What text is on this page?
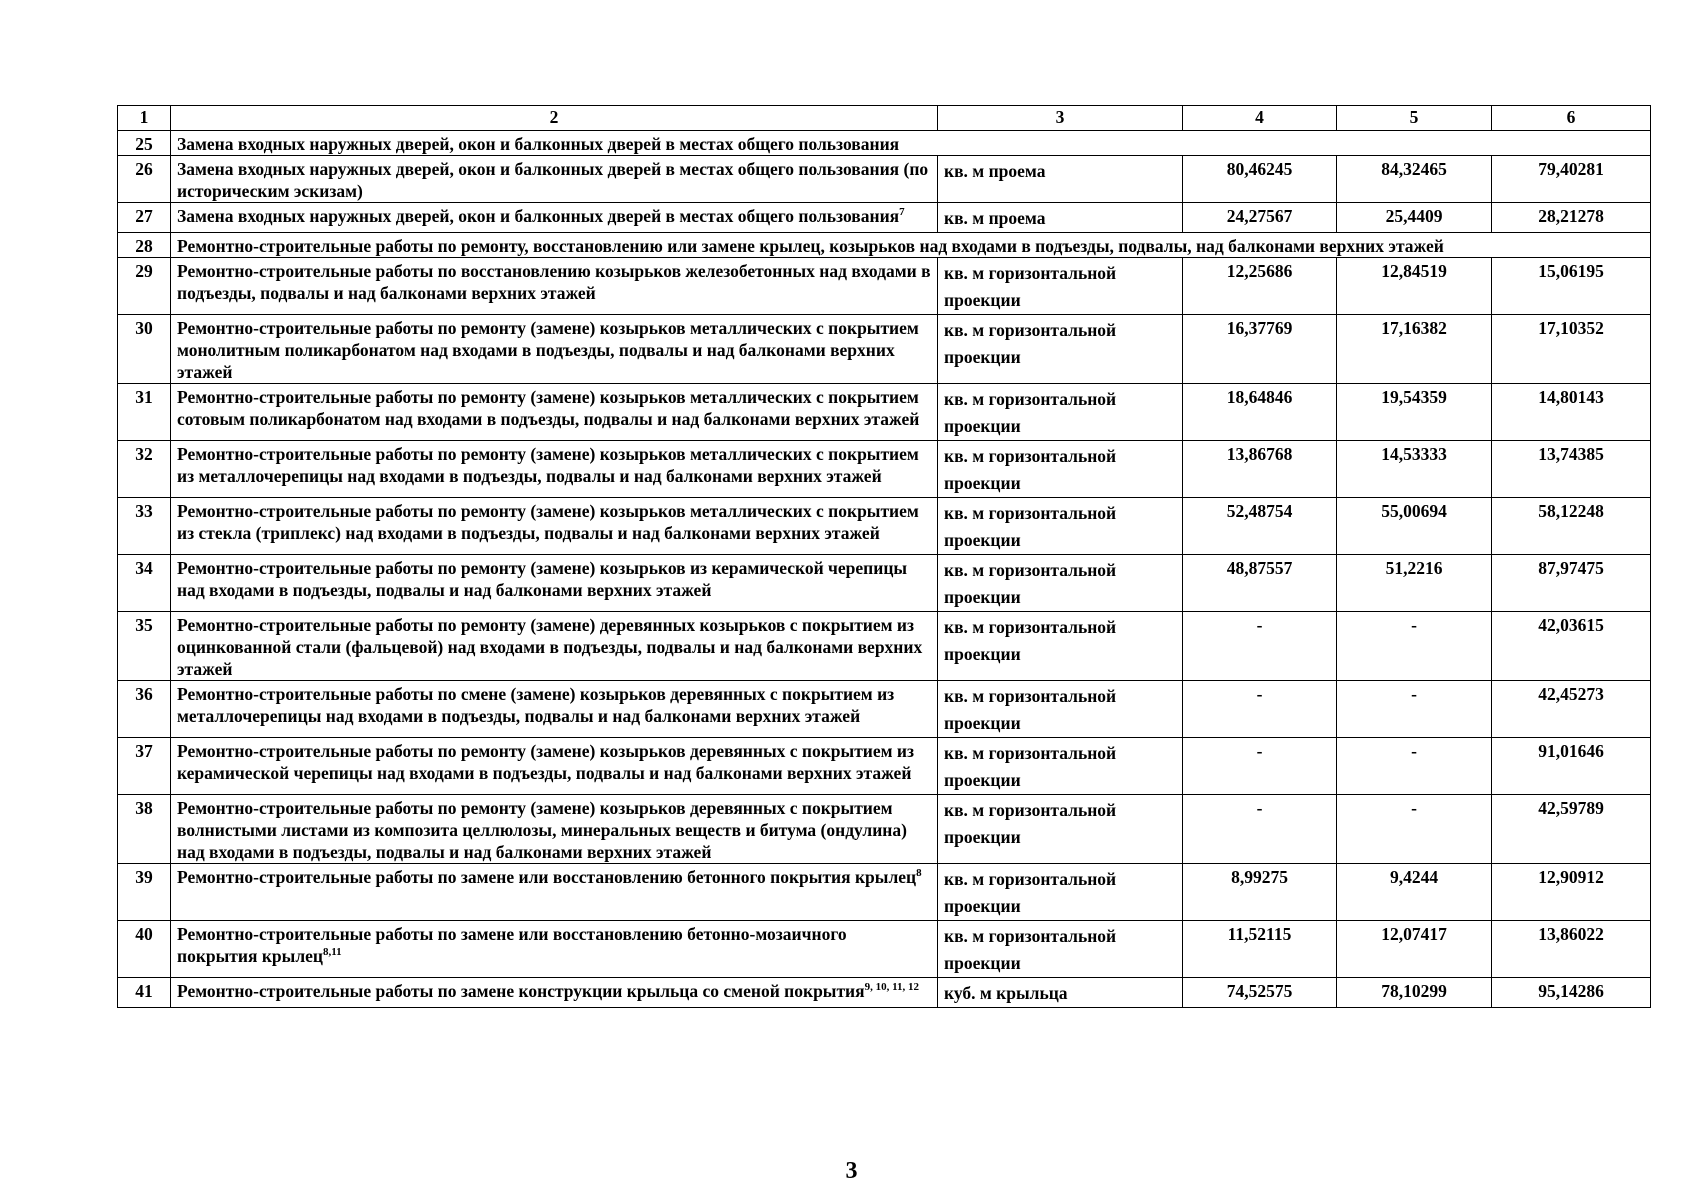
1	2	3	4	5	6
25	Замена входных наружных дверей, окон и балконных дверей в местах общего пользования				
26	Замена входных наружных дверей, окон и балконных дверей в местах общего пользования (по историческим эскизам)	кв. м проема	80,46245	84,32465	79,40281
27	Замена входных наружных дверей, окон и балконных дверей в местах общего пользования$^7$	кв. м проема	24,27567	25,4409	28,21278
28	Ремонтно-строительные работы по ремонту, восстановлению или замене крылец, козырьков над входами в подъезды, подвалы, над балконами верхних этажей				
29	Ремонтно-строительные работы по восстановлению козырьков железобетонных над входами в подъезды, подвалы и над балконами верхних этажей	кв. м горизонтальной проекции	12,25686	12,84519	15,06195
30	Ремонтно-строительные работы по ремонту (замене) козырьков металлических с покрытием монолитным поликарбонатом над входами в подъезды, подвалы и над балконами верхних этажей	кв. м горизонтальной проекции	16,37769	17,16382	17,10352
31	Ремонтно-строительные работы по ремонту (замене) козырьков металлических с покрытием сотовым поликарбонатом над входами в подъезды, подвалы и над балконами верхних этажей	кв. м горизонтальной проекции	18,64846	19,54359	14,80143
32	Ремонтно-строительные работы по ремонту (замене) козырьков металлических с покрытием из металлочерепицы над входами в подъезды, подвалы и над балконами верхних этажей	кв. м горизонтальной проекции	13,86768	14,53333	13,74385
33	Ремонтно-строительные работы по ремонту (замене) козырьков металлических с покрытием из стекла (триплекс) над входами в подъезды, подвалы и над балконами верхних этажей	кв. м горизонтальной проекции	52,48754	55,00694	58,12248
34	Ремонтно-строительные работы по ремонту (замене) козырьков из керамической черепицы над входами в подъезды, подвалы и над балконами верхних этажей	кв. м горизонтальной проекции	48,87557	51,2216	87,97475
35	Ремонтно-строительные работы по ремонту (замене) деревянных козырьков с покрытием из оцинкованной стали (фальцевой) над входами в подъезды, подвалы и над балконами верхних этажей	кв. м горизонтальной проекции	-	-	42,03615
36	Ремонтно-строительные работы по смене (замене) козырьков деревянных с покрытием из металлочерепицы над входами в подъезды, подвалы и над балконами верхних этажей	кв. м горизонтальной проекции	-	-	42,45273
37	Ремонтно-строительные работы по ремонту (замене) козырьков деревянных с покрытием из керамической черепицы над входами в подъезды, подвалы и над балконами верхних этажей	кв. м горизонтальной проекции	-	-	91,01646
38	Ремонтно-строительные работы по ремонту (замене) козырьков деревянных с покрытием волнистыми листами из композита целлюлозы, минеральных веществ и битума (ондулина) над входами в подъезды, подвалы и над балконами верхних этажей	кв. м горизонтальной проекции	-	-	42,59789
39	Ремонтно-строительные работы по замене или восстановлению бетонного покрытия крылец$^8$	кв. м горизонтальной проекции	8,99275	9,4244	12,90912
40	Ремонтно-строительные работы по замене или восстановлению бетонно-мозаичного покрытия крылец$^{8,11}$	кв. м горизонтальной проекции	11,52115	12,07417	13,86022
41	Ремонтно-строительные работы по замене конструкции крыльца со сменой покрытия$^{9, 10, 11, 12}$	куб. м крыльца	74,52575	78,10299	95,14286
3
